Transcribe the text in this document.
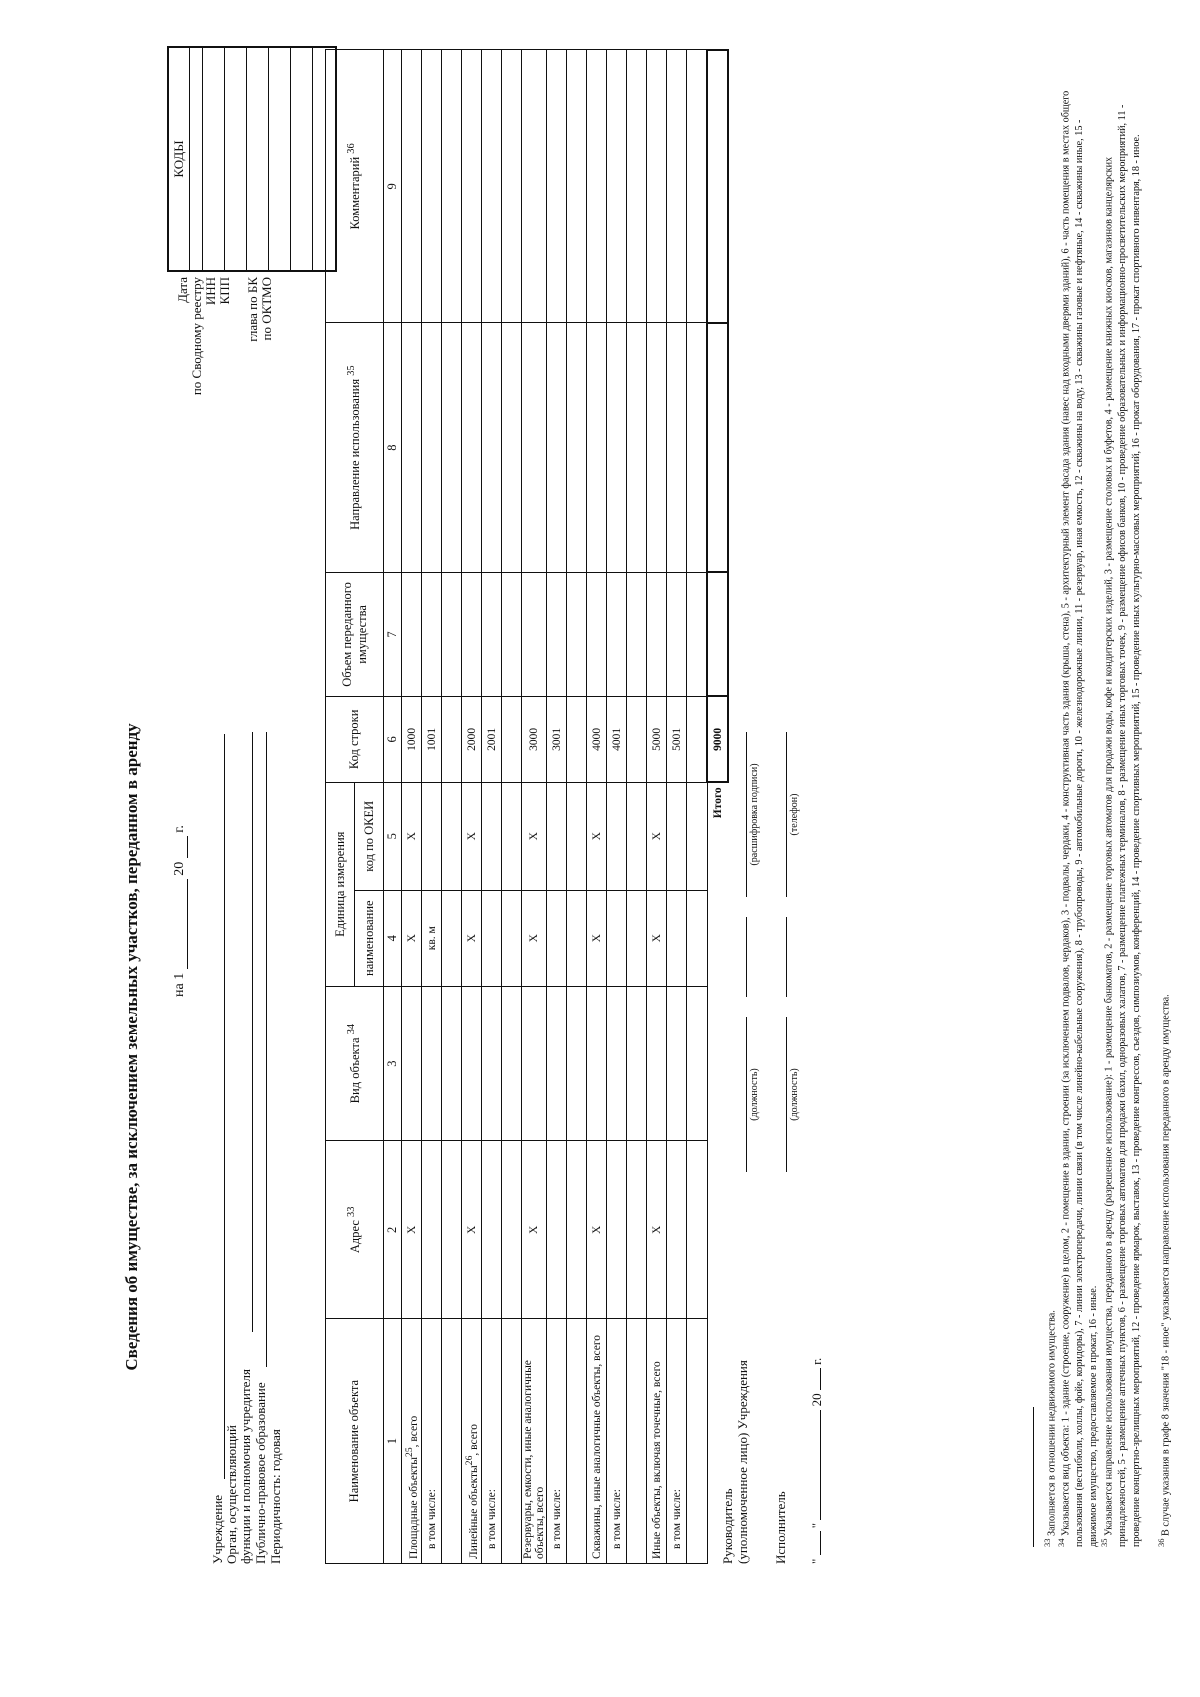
Сведения об имуществе, за исключением земельных участков, переданном в аренду на 1  20  г.
Учреждение Орган, осуществляющий функции и полномочия учредителя Публично-правовое образование Периодичность: годовая
Дата по Сводному реестру ИНН КПП глава по БК по ОКТМО
КОДЫ
Наименование объекта	Адрес $^{33}$	Вид объекта $^{34}$	Единица измерения		Код строки	Объем переданного имущества	Направление использования $^{35}$	Комментарий $^{36}$
			наименование	код по ОКЕИ				
1	2	3	4	5	6	7	8	9
Площадные объекты$^{25}$, всего	X		X	X	1000			
в том числе:			кв. м		1001			

Линейные объекты$^{26}$, всего	X		X	X	2000			
в том числе:					2001			

Резервуары, емкости, иные аналогичные объекты, всего	X		X	X	3000			
в том числе:					3001			

Скважины, иные аналогичные объекты, всего	X		X	X	4000			
в том числе:					4001			

Иные объекты, включая точечные, всего	X		X	X	5000			
в том числе:					5001			

Итого					9000			
Руководитель (уполномоченное лицо) Учреждения
(должность)
(расшифровка подписи)
Исполнитель
(должность)
(телефон)
"  "  20  г.
$^{33}$ Заполняется в отношении недвижимого имущества.
$^{34}$ Указывается вид объекта: 1 - здание (строение, сооружение) в целом, 2 - помещение в здании, строении (за исключением подвалов, чердаков), 3 - подвалы, чердаки, 4 - конструктивная часть здания (крыша, стена), 5 - архитектурный элемент фасада здания (навес над входными дверями зданий), 6 - часть помещения в местах общего пользования (вестибюли, холлы, фойе, коридоры), 7 - линии электропередачи, линии связи (в том числе линейно-кабельные сооружения), 8 - трубопроводы, 9 - автомобильные дороги, 10 - железнодорожные линии, 11 - резервуар, иная емкость, 12 - скважины на воду, 13 - скважины газовые и нефтяные, 14 - скважины иные, 15 - движимое имущество, предоставляемое в прокат, 16 - иные. $^{35}$ Указывается направление использования имущества, переданного в аренду (разрешенное использование): 1 - размещение банкоматов, 2 - размещение торговых автоматов для продажи воды, кофе и кондитерских изделий, 3 - размещение столовых и буфетов, 4 - размещение книжных киосков, магазинов канцелярских принадлежностей, 5 - размещение аптечных пунктов, 6 - размещение торговых автоматов для продажи бахил, одноразовых халатов, 7 - размещение платежных терминалов, 8 - размещение иных торговых точек, 9 - размещение офисов банков, 10 - проведение образовательных и информационно-просветительских мероприятий, 11 - проведение концертно-зрелищных мероприятий, 12 - проведение ярмарок, выставок, 13 - проведение конгрессов, съездов, симпозиумов, конференций, 14 - проведение спортивных мероприятий, 15 - проведение иных культурно-массовых мероприятий, 16 - прокат оборудования, 17 - прокат спортивного инвентаря, 18 - иное. $^{36}$ В случае указания в графе 8 значения "18 - иное" указывается направление использования переданного в аренду имущества.
